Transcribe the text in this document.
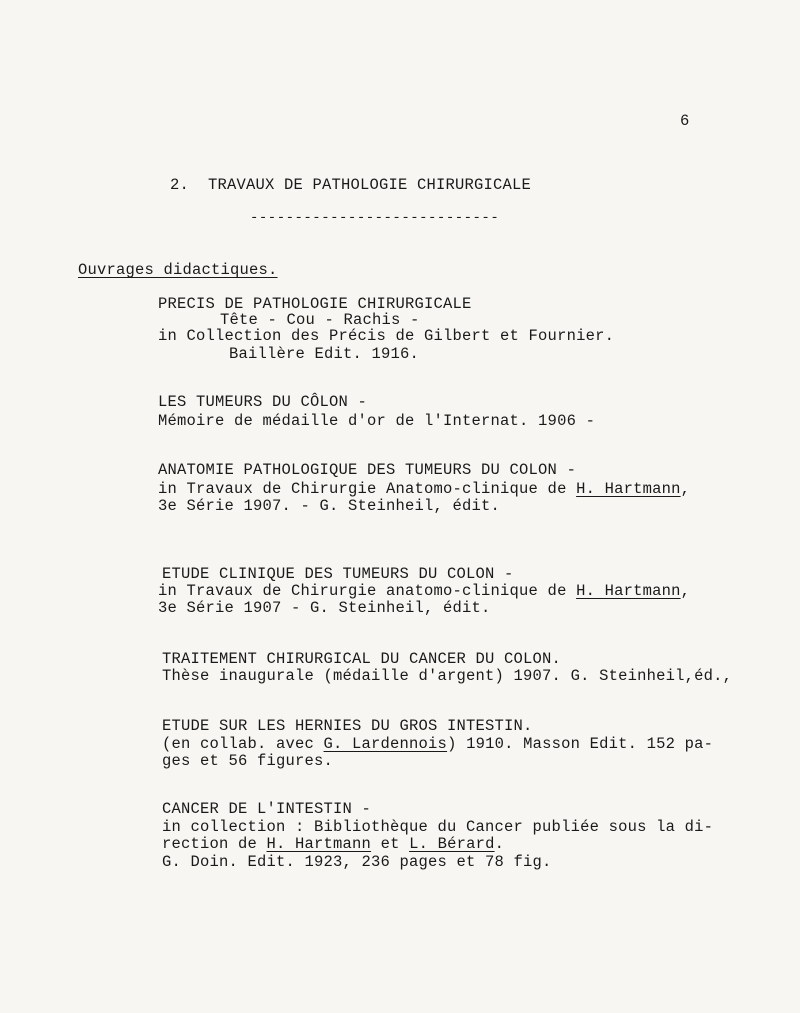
6
2.  TRAVAUX DE PATHOLOGIE CHIRURGICALE
----------------------------
Ouvrages didactiques.
PRECIS DE PATHOLOGIE CHIRURGICALE
Tête - Cou - Rachis -
in Collection des Précis de Gilbert et Fournier.
Baillère Edit. 1916.
LES TUMEURS DU CÔLON -
Mémoire de médaille d'or de l'Internat. 1906 -
ANATOMIE PATHOLOGIQUE DES TUMEURS DU COLON -
in Travaux de Chirurgie Anatomo-clinique de H. Hartmann,
3e Série 1907. - G. Steinheil, édit.
ETUDE CLINIQUE DES TUMEURS DU COLON -
in Travaux de Chirurgie anatomo-clinique de H. Hartmann,
3e Série 1907 - G. Steinheil, édit.
TRAITEMENT CHIRURGICAL DU CANCER DU COLON.
Thèse inaugurale (médaille d'argent) 1907. G. Steinheil,éd.,
ETUDE SUR LES HERNIES DU GROS INTESTIN.
(en collab. avec G. Lardennois) 1910. Masson Edit. 152 pa-
ges et 56 figures.
CANCER DE L'INTESTIN -
in collection : Bibliothèque du Cancer publiée sous la di-
rection de H. Hartmann et L. Bérard.
G. Doin. Edit. 1923, 236 pages et 78 fig.
